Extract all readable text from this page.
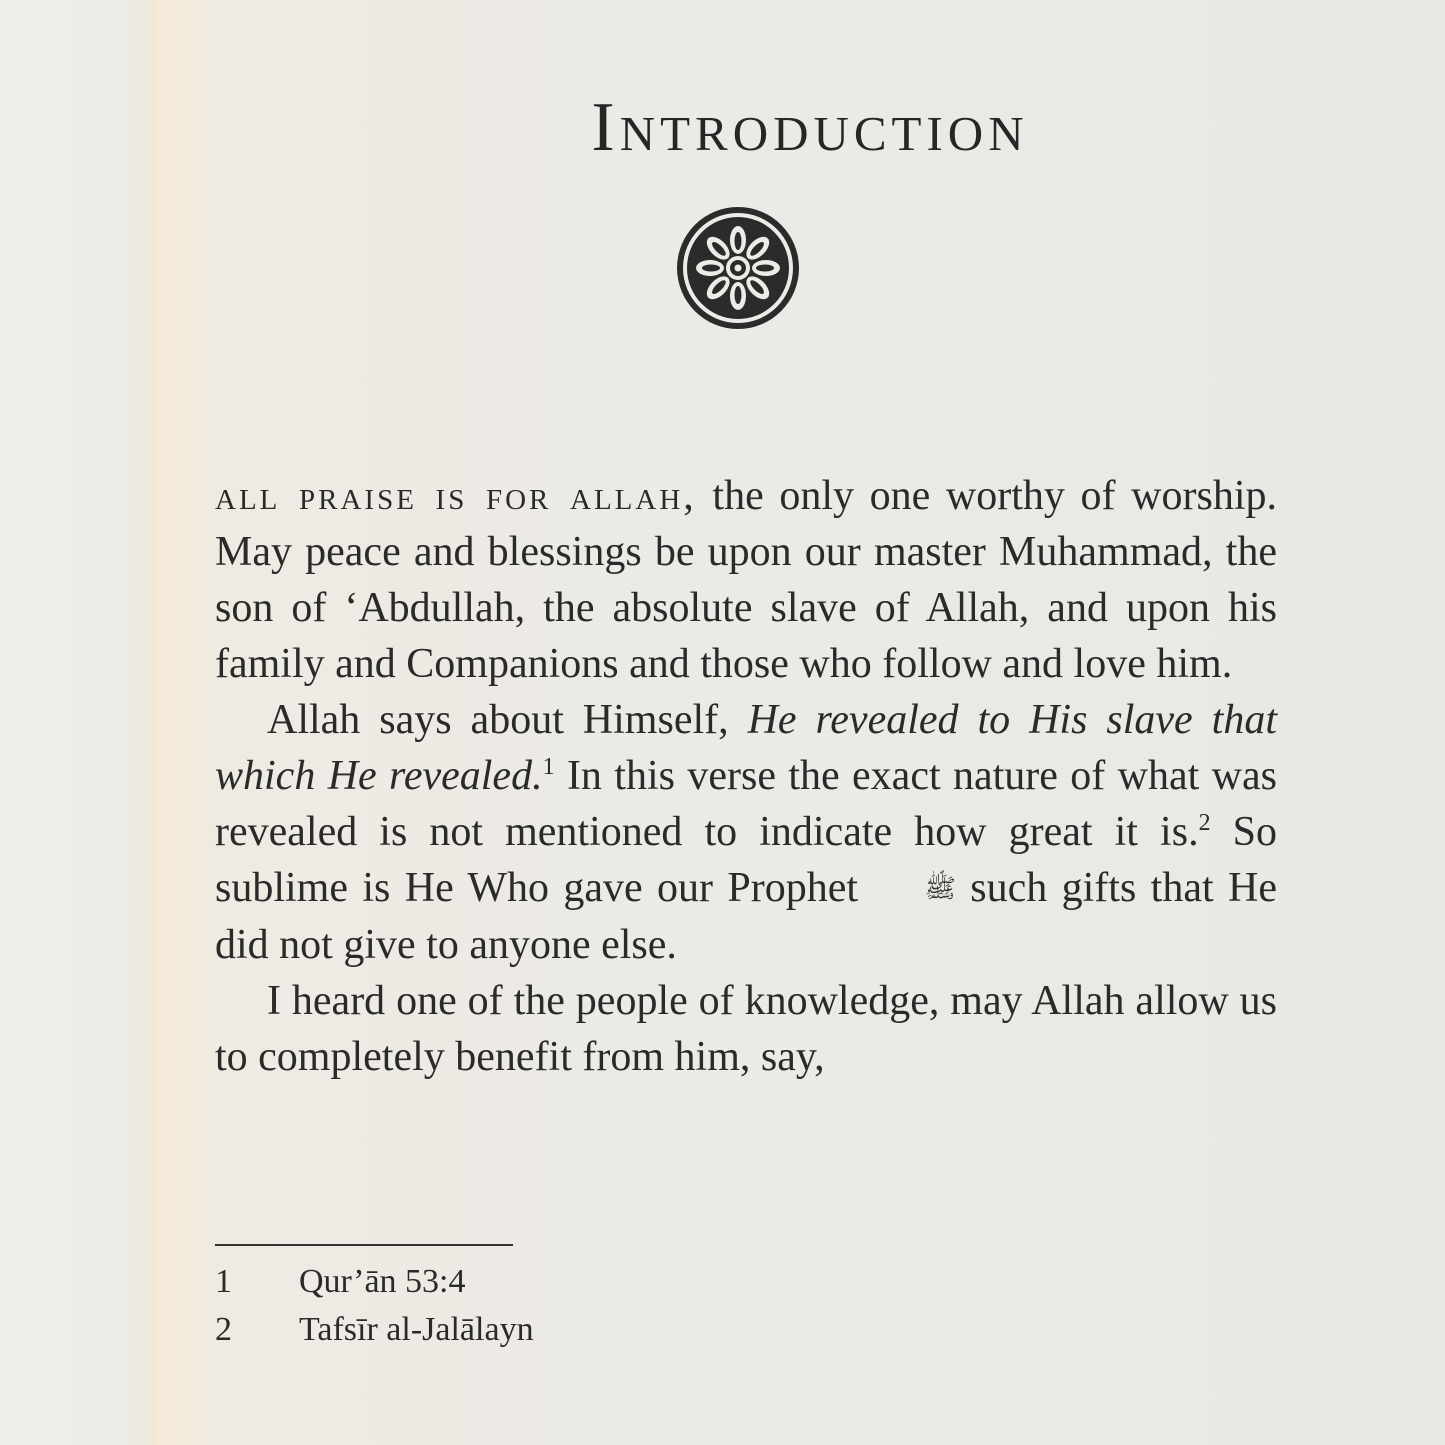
Introduction

all praise is for allah, the only one worthy of worship. May peace and blessings be upon our master Muhammad, the son of ‘Abdullah, the absolute slave of Allah, and upon his family and Companions and those who follow and love him.

Allah says about Himself, He revealed to His slave that which He revealed.$^1$ In this verse the exact nature of what was revealed is not mentioned to indicate how great it is.$^2$ So sublime is He Who gave our Prophet ﷺ such gifts that He did not give to anyone else.

I heard one of the people of knowledge, may Allah allow us to completely benefit from him, say,

1	Qur’ān 53:4
2	Tafsīr al-Jalālayn
